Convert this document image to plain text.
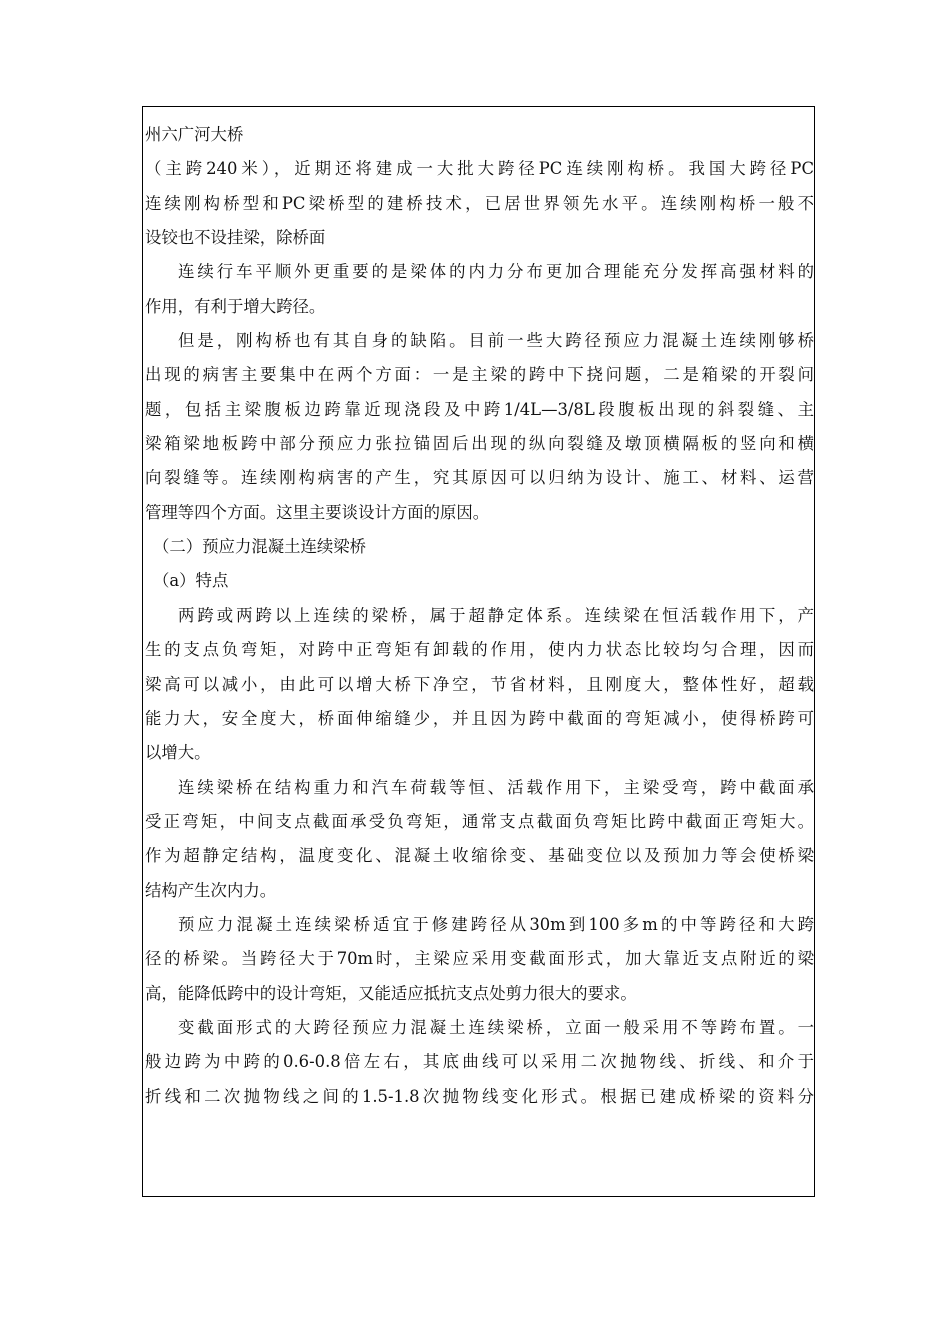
州六广河大桥
（主跨240米），近期还将建成一大批大跨径PC连续刚构桥。我国大跨径PC
连续刚构桥型和PC梁桥型的建桥技术，已居世界领先水平。连续刚构桥一般不
设铰也不设挂梁，除桥面
连续行车平顺外更重要的是梁体的内力分布更加合理能充分发挥高强材料的
作用，有利于增大跨径。
但是，刚构桥也有其自身的缺陷。目前一些大跨径预应力混凝土连续刚够桥
出现的病害主要集中在两个方面：一是主梁的跨中下挠问题，二是箱梁的开裂问
题，包括主梁腹板边跨靠近现浇段及中跨1/4L—3/8L段腹板出现的斜裂缝、主
梁箱梁地板跨中部分预应力张拉锚固后出现的纵向裂缝及墩顶横隔板的竖向和横
向裂缝等。连续刚构病害的产生，究其原因可以归纳为设计、施工、材料、运营
管理等四个方面。这里主要谈设计方面的原因。
（二）预应力混凝土连续梁桥
（a）特点
两跨或两跨以上连续的梁桥，属于超静定体系。连续梁在恒活载作用下，产
生的支点负弯矩，对跨中正弯矩有卸载的作用，使内力状态比较均匀合理，因而
梁高可以减小，由此可以增大桥下净空，节省材料，且刚度大，整体性好，超载
能力大，安全度大，桥面伸缩缝少，并且因为跨中截面的弯矩减小，使得桥跨可
以增大。
连续梁桥在结构重力和汽车荷载等恒、活载作用下，主梁受弯，跨中截面承
受正弯矩，中间支点截面承受负弯矩，通常支点截面负弯矩比跨中截面正弯矩大。
作为超静定结构，温度变化、混凝土收缩徐变、基础变位以及预加力等会使桥梁
结构产生次内力。
预应力混凝土连续梁桥适宜于修建跨径从30m到100多m的中等跨径和大跨
径的桥梁。当跨径大于70m时，主梁应采用变截面形式，加大靠近支点附近的梁
高，能降低跨中的设计弯矩，又能适应抵抗支点处剪力很大的要求。
变截面形式的大跨径预应力混凝土连续梁桥，立面一般采用不等跨布置。一
般边跨为中跨的0.6-0.8倍左右，其底曲线可以采用二次抛物线、折线、和介于
折线和二次抛物线之间的1.5-1.8次抛物线变化形式。根据已建成桥梁的资料分
